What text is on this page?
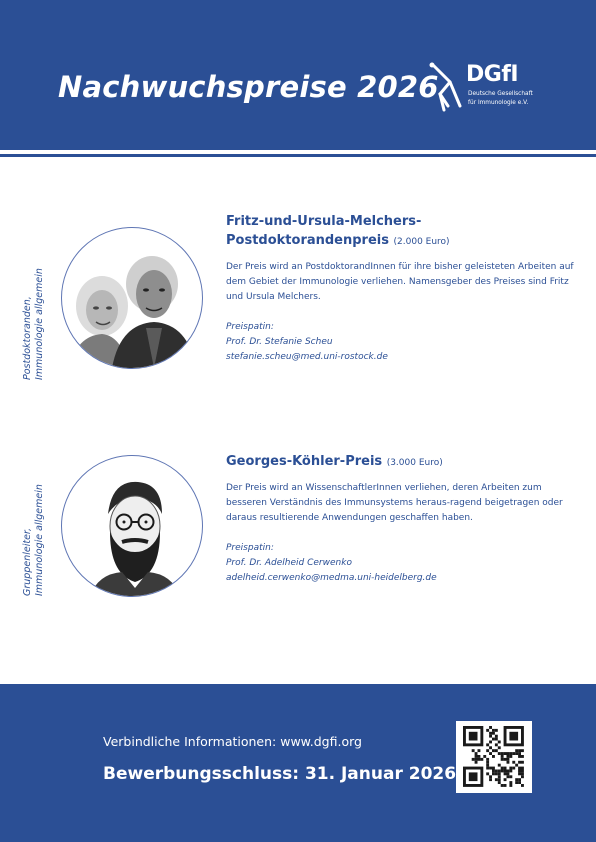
Nachwuchspreise 2026 DGfI
Deutsche Gesellschaft
für Immunologie e.V.
Postdoktoranden, Immunologie allgemein
Fritz-und-Ursula-Melchers-
Postdoktorandenpreis (2.000 Euro)
Der Preis wird an PostdoktorandInnen für ihre bisher geleisteten Arbeiten auf dem Gebiet der Immunologie verliehen. Namensgeber des Preises sind Fritz und Ursula Melchers.
Preispatin:
Prof. Dr. Stefanie Scheu
stefanie.scheu@med.uni-rostock.de
Gruppenleiter, Immunologie allgemein
Georges-Köhler-Preis (3.000 Euro)
Der Preis wird an WissenschaftlerInnen verliehen, deren Arbeiten zum besseren Verständnis des Immunsystems heraus-ragend beigetragen oder daraus resultierende Anwendungen geschaffen haben.
Preispatin:
Prof. Dr. Adelheid Cerwenko
adelheid.cerwenko@medma.uni-heidelberg.de
Verbindliche Informationen: www.dgfi.org
Bewerbungsschluss: 31. Januar 2026
